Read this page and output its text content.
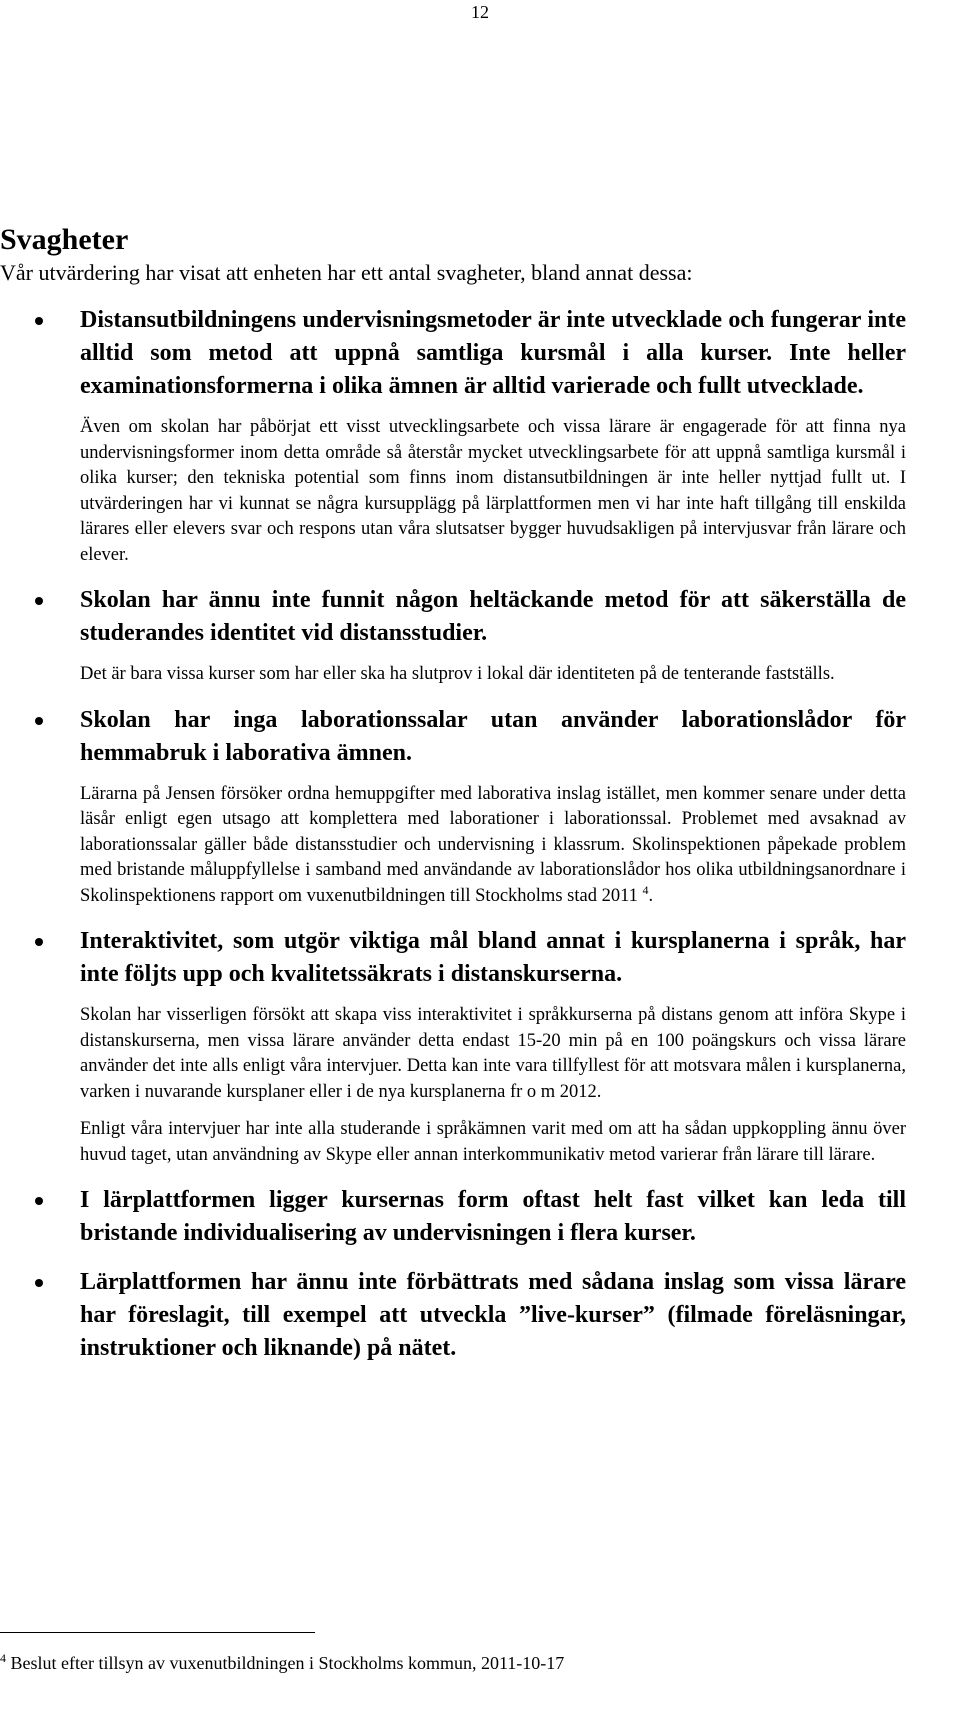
12
Svagheter

Vår utvärdering har visat att enheten har ett antal svagheter, bland annat dessa:

Distansutbildningens undervisningsmetoder är inte utvecklade och fungerar inte alltid som metod att uppnå samtliga kursmål i alla kurser. Inte heller examinationsformerna i olika ämnen är alltid varierade och fullt utvecklade.

Även om skolan har påbörjat ett visst utvecklingsarbete och vissa lärare är engagerade för att finna nya undervisningsformer inom detta område så återstår mycket utvecklingsarbete för att uppnå samtliga kursmål i olika kurser; den tekniska potential som finns inom distansutbildningen är inte heller nyttjad fullt ut. I utvärderingen har vi kunnat se några kursupplägg på lärplattformen men vi har inte haft tillgång till enskilda lärares eller elevers svar och respons utan våra slutsatser bygger huvudsakligen på intervjusvar från lärare och elever.

Skolan har ännu inte funnit någon heltäckande metod för att säkerställa de studerandes identitet vid distansstudier.

Det är bara vissa kurser som har eller ska ha slutprov i lokal där identiteten på de tenterande fastställs.

Skolan har inga laborationssalar utan använder laborationslådor för hemmabruk i laborativa ämnen.

Lärarna på Jensen försöker ordna hemuppgifter med laborativa inslag istället, men kommer senare under detta läsår enligt egen utsago att komplettera med laborationer i laborationssal. Problemet med avsaknad av laborationssalar gäller både distansstudier och undervisning i klassrum. Skolinspektionen påpekade problem med bristande måluppfyllelse i samband med användande av laborationslådor hos olika utbildningsanordnare i Skolinspektionens rapport om vuxenutbildningen till Stockholms stad 2011 $^4$.

Interaktivitet, som utgör viktiga mål bland annat i kursplanerna i språk, har inte följts upp och kvalitetssäkrats i distanskurserna.

Skolan har visserligen försökt att skapa viss interaktivitet i språkkurserna på distans genom att införa Skype i distanskurserna, men vissa lärare använder detta endast 15-20 min på en 100 poängskurs och vissa lärare använder det inte alls enligt våra intervjuer. Detta kan inte vara tillfyllest för att motsvara målen i kursplanerna, varken i nuvarande kursplaner eller i de nya kursplanerna fr o m 2012.

Enligt våra intervjuer har inte alla studerande i språkämnen varit med om att ha sådan uppkoppling ännu över huvud taget, utan användning av Skype eller annan interkommunikativ metod varierar från lärare till lärare.

I lärplattformen ligger kursernas form oftast helt fast vilket kan leda till bristande individualisering av undervisningen i flera kurser.
Lärplattformen har ännu inte förbättrats med sådana inslag som vissa lärare har föreslagit, till exempel att utveckla ”live-kurser” (filmade föreläsningar, instruktioner och liknande) på nätet.
$^4$ Beslut efter tillsyn av vuxenutbildningen i Stockholms kommun, 2011-10-17
